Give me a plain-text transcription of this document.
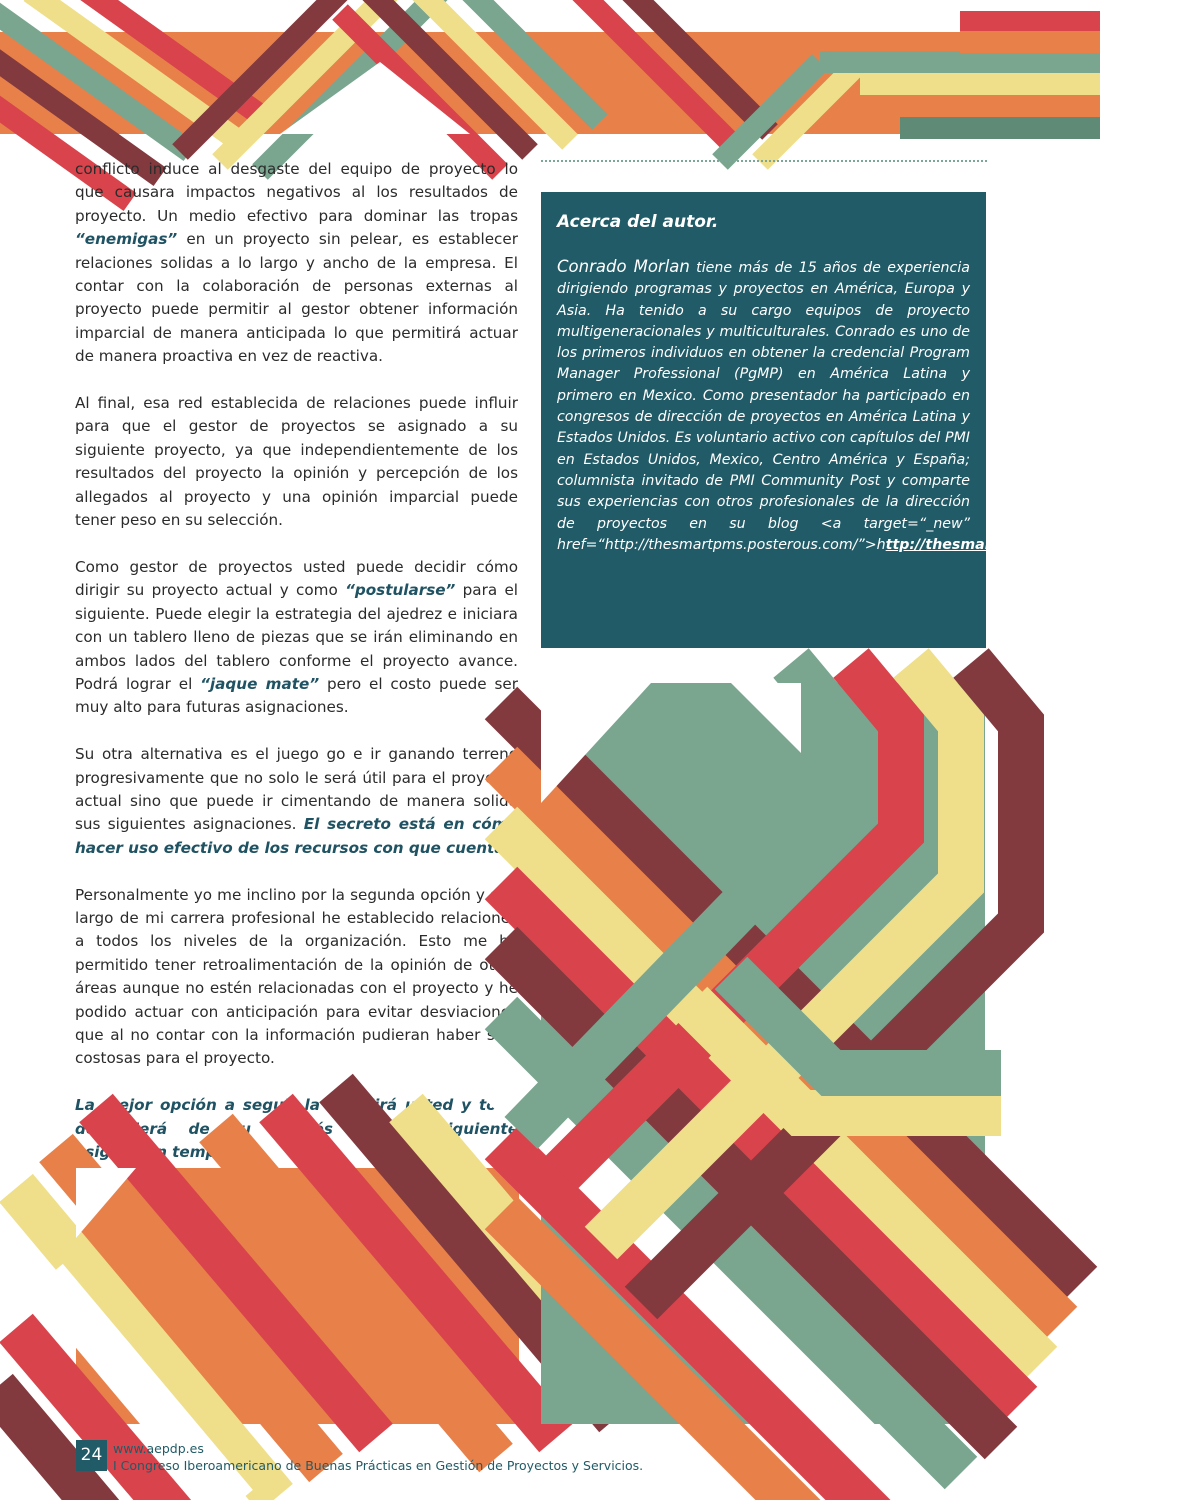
conflicto induce al desgaste del equipo de proyecto lo que causara impactos negativos al los resultados de proyecto. Un medio efectivo para dominar las tropas “enemigas” en un proyecto sin pelear, es establecer relaciones solidas a lo largo y ancho de la empresa. El contar con la colaboración de personas externas al proyecto puede permitir al gestor obtener información imparcial de manera anticipada lo que permitirá actuar de manera proactiva en vez de reactiva.

Al final, esa red establecida de relaciones puede influir para que el gestor de proyectos se asignado a su siguiente proyecto, ya que independientemente de los resultados del proyecto la opinión y percepción de los allegados al proyecto y una opinión imparcial puede tener peso en su selección.

Como gestor de proyectos usted puede decidir cómo dirigir su proyecto actual y como “postularse” para el siguiente. Puede elegir la estrategia del ajedrez e iniciara con un tablero lleno de piezas que se irán eliminando en ambos lados del tablero conforme el proyecto avance. Podrá lograr el “jaque mate” pero el costo puede ser muy alto para futuras asignaciones.

Su otra alternativa es el juego go e ir ganando terreno progresivamente que no solo le será útil para el proyecto actual sino que puede ir cimentando de manera solida sus siguientes asignaciones. El secreto está en cómo hacer uso efectivo de los recursos con que cuenta.

Personalmente yo me inclino por la segunda opción y a lo largo de mi carrera profesional he establecido relaciones a todos los niveles de la organización. Esto me ha permitido tener retroalimentación de la opinión de otras áreas aunque no estén relacionadas con el proyecto y he podido actuar con anticipación para evitar desviaciones que al no contar con la información pudieran haber sido costosas para el proyecto.

La mejor opción a seguir la decidirá usted y todo dependerá de su interés en su siguiente asignación temporal.

Acerca del autor.

Conrado Morlan tiene más de 15 años de experiencia dirigiendo programas y proyectos en América, Europa y Asia. Ha tenido a su cargo equipos de proyecto multigeneracionales y multiculturales. Conrado es uno de los primeros individuos en obtener la credencial Program Manager Professional (PgMP) en América Latina y primero en Mexico. Como presentador ha participado en congresos de dirección de proyectos en América Latina y Estados Unidos. Es voluntario activo con capítulos del PMI en Estados Unidos, Mexico, Centro América y España; columnista invitado de PMI Community Post y comparte sus experiencias con otros profesionales de la dirección de proyectos en su blog <a target=“_new” href=“http://thesmartpms.posterous.com/”>http://thesmartpms.posterous.com/</a>

24 www.aepdp.es
I Congreso Iberoamericano de Buenas Prácticas en Gestión de Proyectos y Servicios.
